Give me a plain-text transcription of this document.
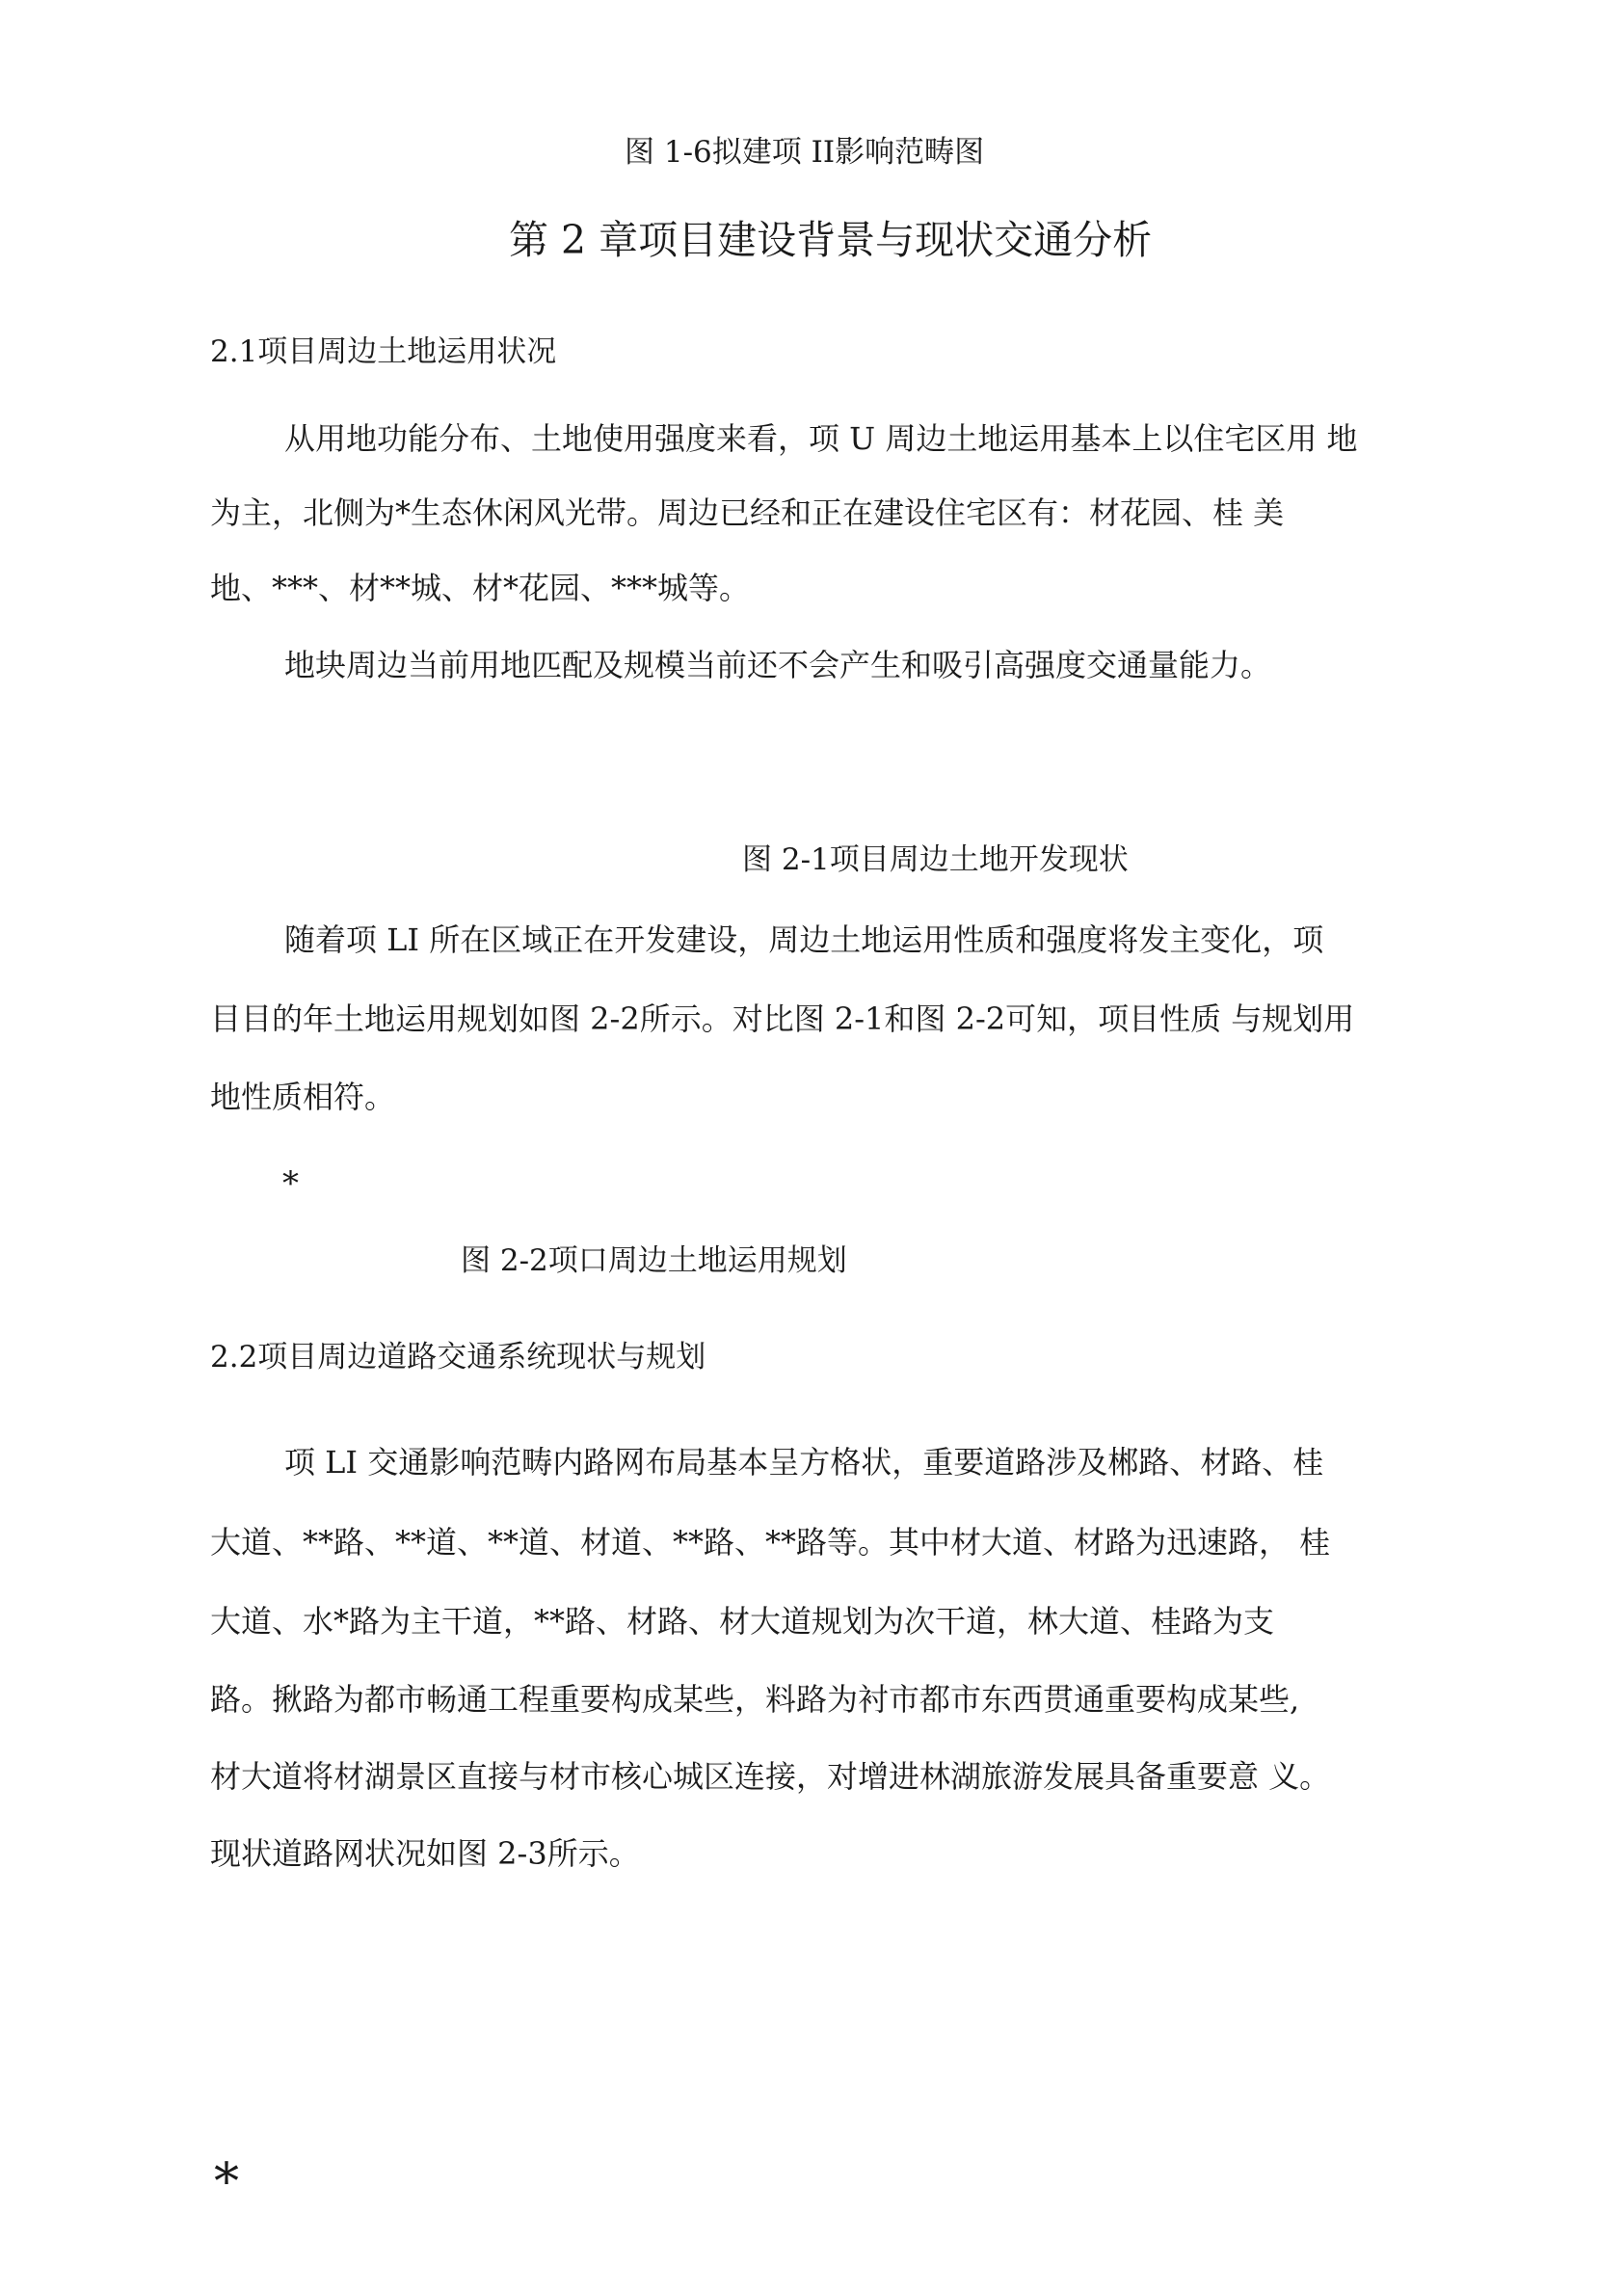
图 1-6拟建项 II影响范畴图
第 2 章项目建设背景与现状交通分析
2.1项目周边土地运用状况
从用地功能分布、土地使用强度来看，项 U 周边土地运用基本上以住宅区用 地
为主，北侧为*生态休闲风光带。周边已经和正在建设住宅区有：材花园、桂 美
地、***、材**城、材*花园、***城等。
地块周边当前用地匹配及规模当前还不会产生和吸引高强度交通量能力。
图 2-1项目周边土地开发现状
随着项 LI 所在区域正在开发建设，周边土地运用性质和强度将发主变化，项
目目的年土地运用规划如图 2-2所示。对比图 2-1和图 2-2可知，项目性质 与规划用
地性质相符。
*
图 2-2项口周边土地运用规划
2.2项目周边道路交通系统现状与规划
项 LI 交通影响范畴内路网布局基本呈方格状，重要道路涉及郴路、材路、桂
大道、**路、**道、**道、材道、**路、**路等。其中材大道、材路为迅速路， 桂
大道、水*路为主干道，**路、材路、材大道规划为次干道，林大道、桂路为支
路。揪路为都市畅通工程重要构成某些，料路为衬市都市东西贯通重要构成某些,
材大道将材湖景区直接与材市核心城区连接，对增进林湖旅游发展具备重要意 义。
现状道路网状况如图 2-3所示。
*
